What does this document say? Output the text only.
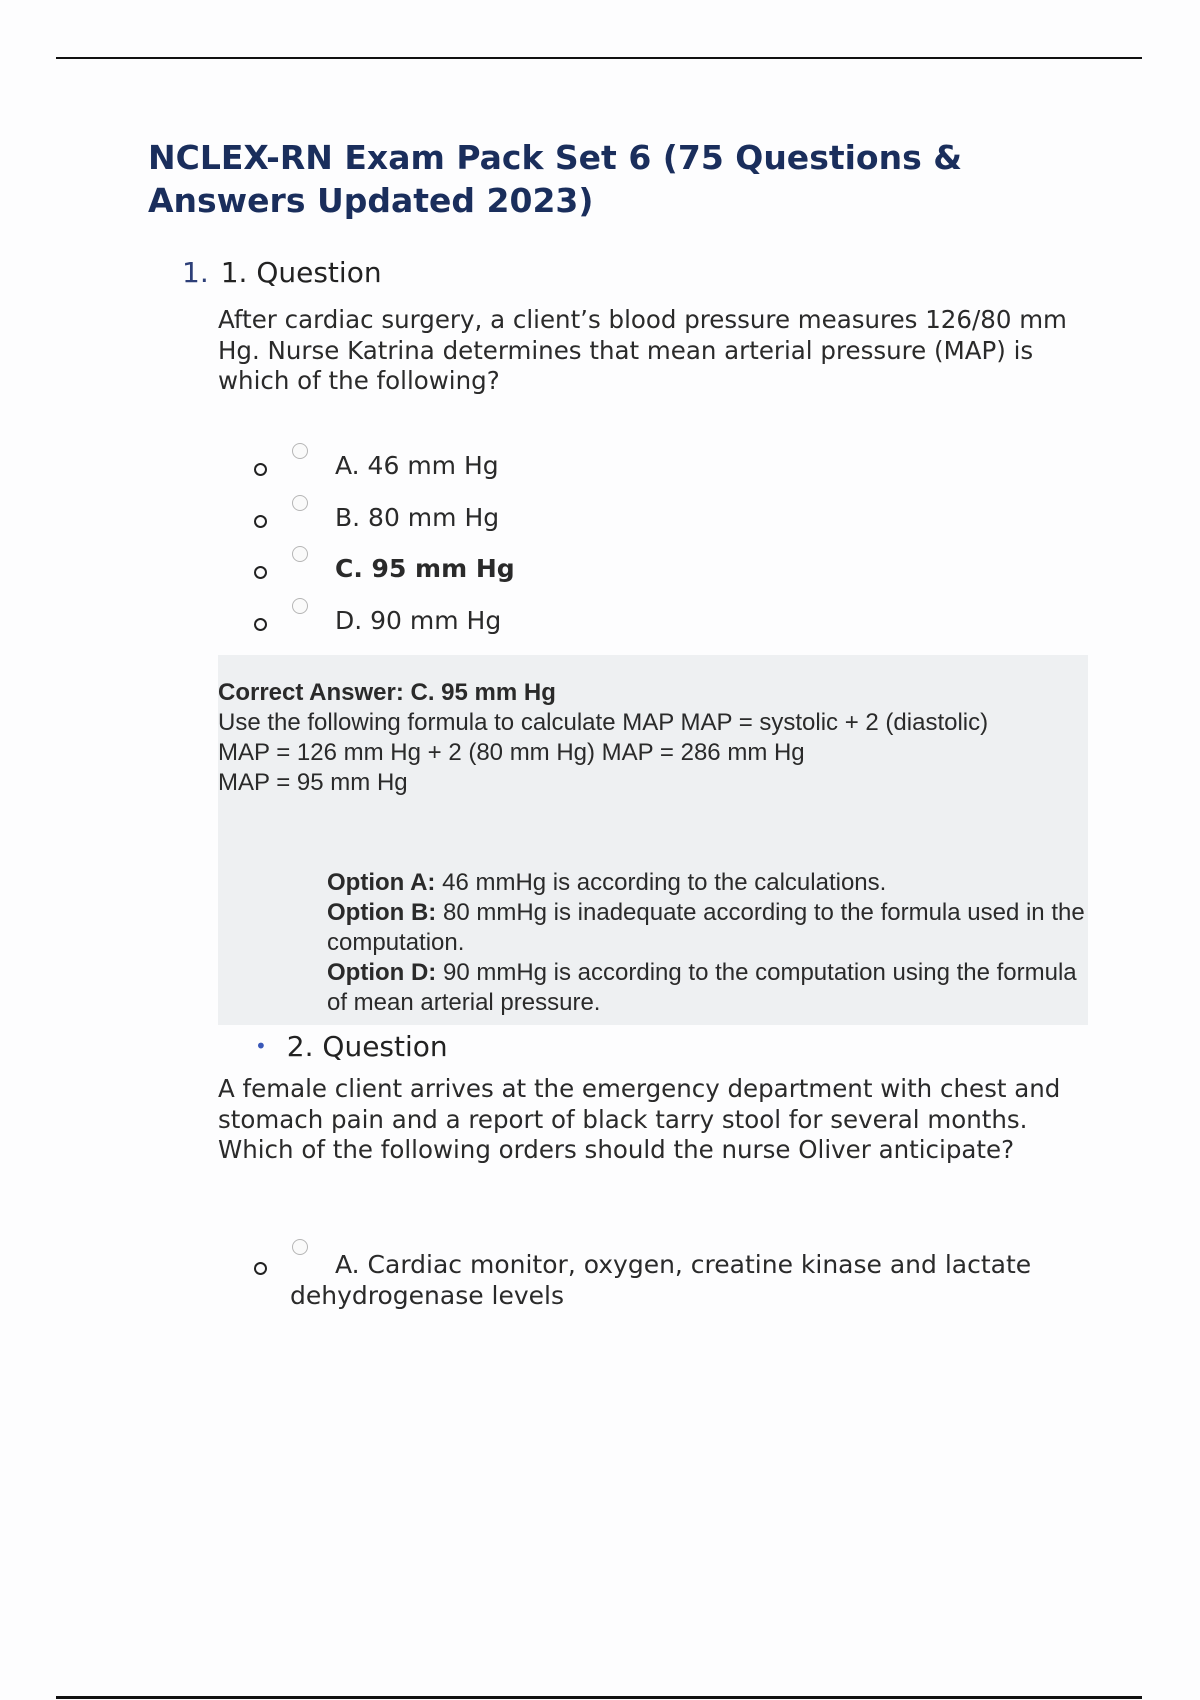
NCLEX-RN Exam Pack Set 6 (75 Questions & Answers Updated 2023)
1. 1. Question

After cardiac surgery, a client’s blood pressure measures 126/80 mm Hg. Nurse Katrina determines that mean arterial pressure (MAP) is which of the following?

A. 46 mm Hg
B. 80 mm Hg
C. 95 mm Hg
D. 90 mm Hg
Correct Answer: C. 95 mm Hg
Use the following formula to calculate MAP MAP = systolic + 2 (diastolic)
MAP = 126 mm Hg + 2 (80 mm Hg) MAP = 286 mm Hg
MAP = 95 mm Hg
Option A: 46 mmHg is according to the calculations.
Option B: 80 mmHg is inadequate according to the formula used in the computation.
Option D: 90 mmHg is according to the computation using the formula of mean arterial pressure.
• 2. Question

A female client arrives at the emergency department with chest and stomach pain and a report of black tarry stool for several months. Which of the following orders should the nurse Oliver anticipate?

A. Cardiac monitor, oxygen, creatine kinase and lactate dehydrogenase levels
